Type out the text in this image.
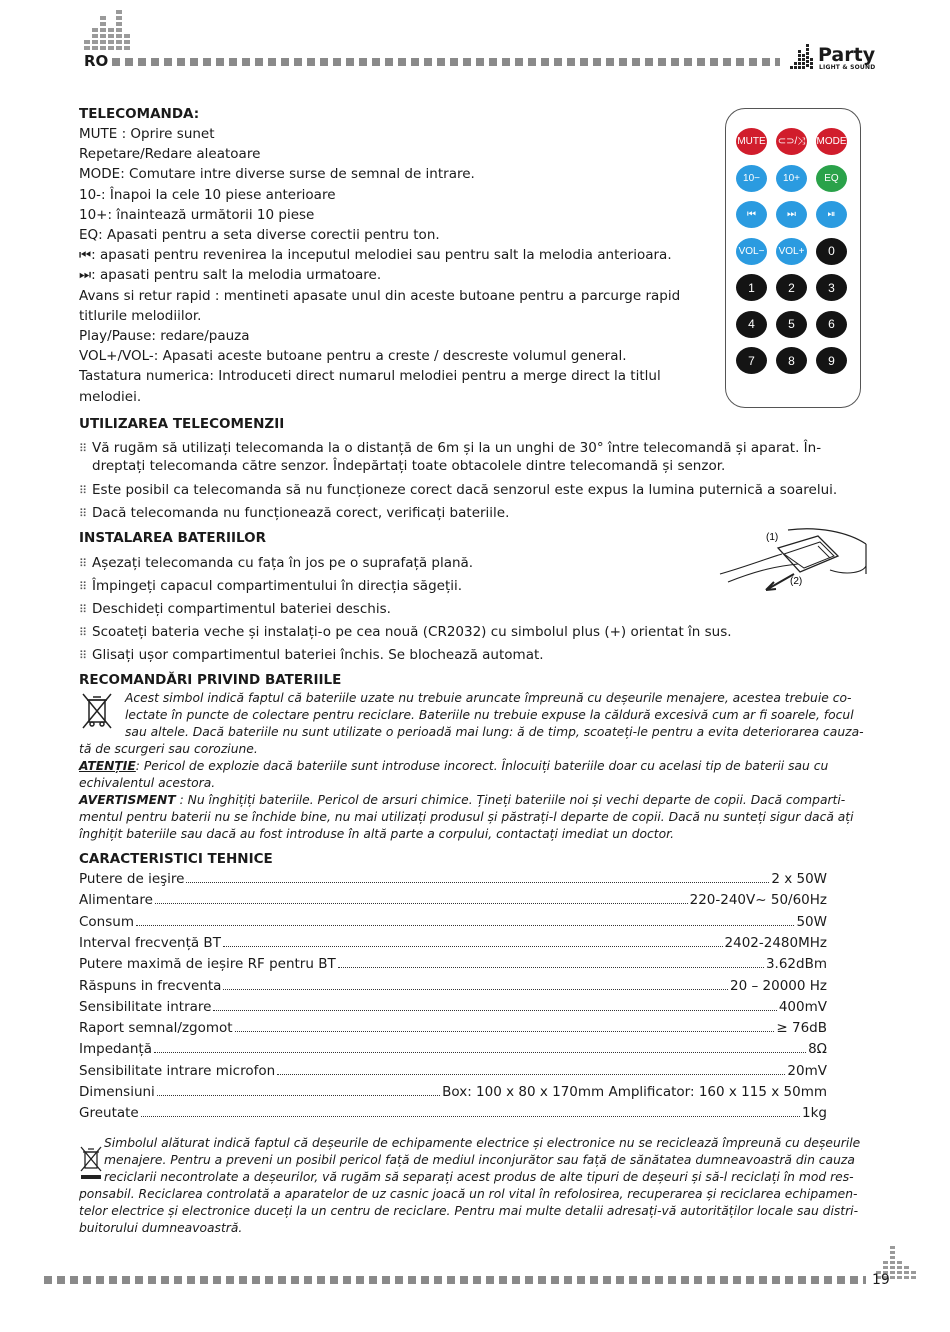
RO	Party
LIGHT & SOUND
TELECOMANDA:
MUTE : Oprire sunet
Repetare/Redare aleatoare
MODE: Comutare intre diverse surse de semnal de intrare.
10-: Înapoi la cele 10 piese anterioare
10+: înaintează următorii 10 piese
EQ: Apasati pentru a seta diverse corectii pentru ton.
⏮: apasati pentru revenirea la inceputul melodiei sau pentru salt la melodia anterioara.
⏭: apasati pentru salt la melodia urmatoare.
Avans si retur rapid : mentineti apasate unul din aceste butoane pentru a parcurge rapid
titlurile melodiilor.
Play/Pause: redare/pauza
VOL+/VOL-: Apasati aceste butoane pentru a creste / descreste volumul general.
Tastatura numerica: Introduceti direct numarul melodiei pentru a merge direct la titlul
melodiei.
MUTE ⊂⊃/⤨ MODE
10−	10+	EQ
⏮	⏭	⏯
VOL− VOL+	0
1	2	3
4	5	6
7	8	9
UTILIZAREA TELECOMENZII
⠿ Vă rugăm să utilizați telecomanda la o distanță de 6m și la un unghi de 30° între telecomandă și aparat. În-
dreptați telecomanda către senzor. Îndepărtați toate obtacolele dintre telecomandă și senzor.
⠿ Este posibil ca telecomanda să nu funcționeze corect dacă senzorul este expus la lumina puternică a soarelui.
⠿ Dacă telecomanda nu funcționează corect, verificați bateriile.
INSTALAREA BATERIILOR
⠿ Așezați telecomanda cu fața în jos pe o suprafață plană.
⠿ Împingeți capacul compartimentului în direcția săgeții.
⠿ Deschideți compartimentul bateriei deschis.
⠿ Scoateți bateria veche și instalați-o pe cea nouă (CR2032) cu simbolul plus (+) orientat în sus.
⠿ Glisați ușor compartimentul bateriei închis. Se blochează automat.
(1)
(2)
RECOMANDĂRI PRIVIND BATERIILE
Acest simbol indică faptul că bateriile uzate nu trebuie aruncate împreună cu deșeurile menajere, acestea trebuie co-
lectate în puncte de colectare pentru reciclare. Bateriile nu trebuie expuse la căldură excesivă cum ar fi soarele, focul
sau altele. Dacă bateriile nu sunt utilizate o perioadă mai lung: ă de timp, scoateți-le pentru a evita deteriorarea cauza-
tă de scurgeri sau coroziune.
ATENȚIE: Pericol de explozie dacă bateriile sunt introduse incorect. Înlocuiți bateriile doar cu acelasi tip de baterii sau cu
echivalentul acestora.
AVERTISMENT : Nu înghițiți bateriile. Pericol de arsuri chimice. Țineți bateriile noi și vechi departe de copii. Dacă comparti-
mentul pentru baterii nu se închide bine, nu mai utilizați produsul și păstrați-l departe de copii. Dacă nu sunteți sigur dacă ați
înghițit bateriile sau dacă au fost introduse în altă parte a corpului, contactați imediat un doctor.
CARACTERISTICI TEHNICE
Putere de ieşire	2 x 50W
Alimentare	220-240V~ 50/60Hz
Consum	50W
Interval frecvență BT	2402-2480MHz
Putere maximă de ieșire RF pentru BT	3.62dBm
Răspuns in frecventa	20 – 20000 Hz
Sensibilitate intrare	400mV
Raport semnal/zgomot	≥ 76dB
Impedanță	8Ω
Sensibilitate intrare microfon	20mV
Dimensiuni	Box: 100 x 80 x 170mm Amplificator: 160 x 115 x 50mm
Greutate	1kg
Simbolul alăturat indică faptul că deșeurile de echipamente electrice și electronice nu se reciclează împreună cu deșeurile
menajere. Pentru a preveni un posibil pericol față de mediul inconjurător sau față de sănătatea dumneavoastră din cauza
reciclarii necontrolate a deșeurilor, vă rugăm să separați acest produs de alte tipuri de deșeuri și să-l reciclați în mod res-
ponsabil. Reciclarea controlată a aparatelor de uz casnic joacă un rol vital în refolosirea, recuperarea și reciclarea echipamen-
telor electrice și electronice duceți la un centru de reciclare. Pentru mai multe detalii adresați-vă autorităților locale sau distri-
buitorului dumneavoastră.
19
